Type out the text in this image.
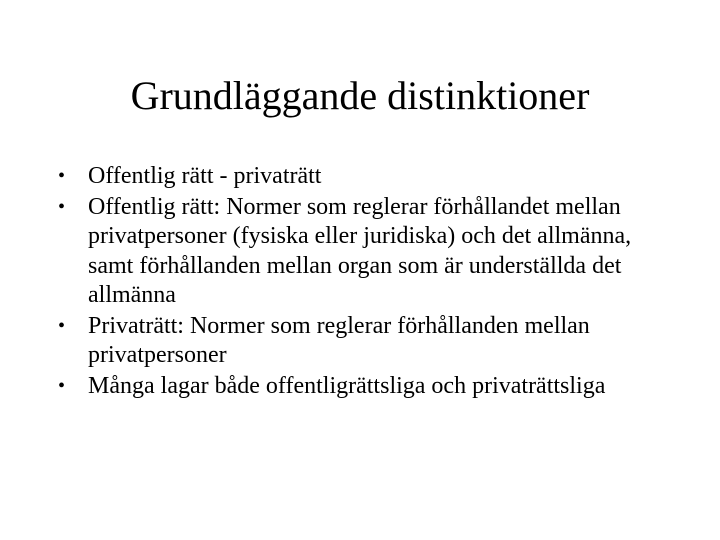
Grundläggande distinktioner
• Offentlig rätt - privaträtt
• Offentlig rätt: Normer som reglerar förhållandet mellan privatpersoner (fysiska eller juridiska) och det allmänna, samt förhållanden mellan organ som är underställda det allmänna
• Privaträtt: Normer som reglerar förhållanden mellan privatpersoner
• Många lagar både offentligrättsliga och privaträttsliga
